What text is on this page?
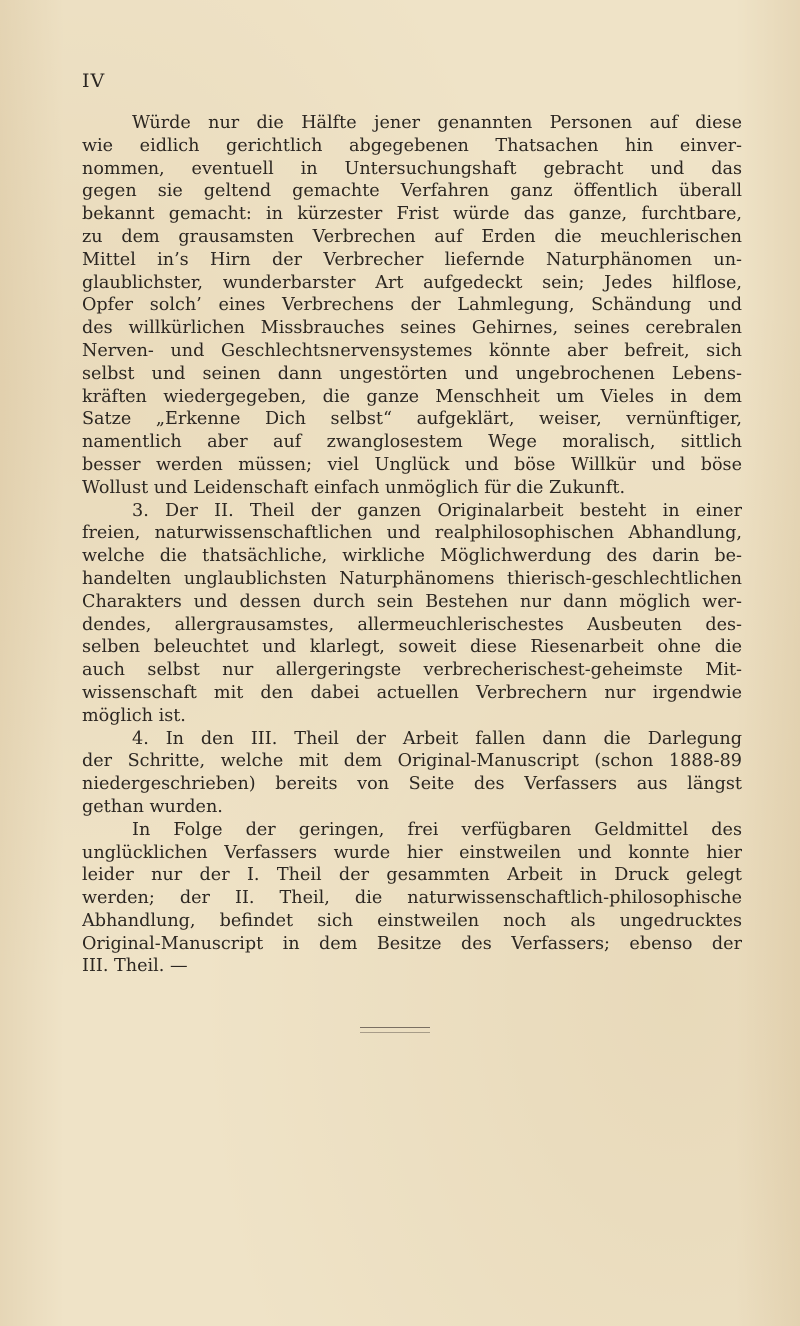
IV
Würde nur die Hälfte jener genannten Personen auf diese
wie eidlich gerichtlich abgegebenen Thatsachen hin einver-
nommen, eventuell in Untersuchungshaft gebracht und das
gegen sie geltend gemachte Verfahren ganz öffentlich überall
bekannt gemacht: in kürzester Frist würde das ganze, furchtbare,
zu dem grausamsten Verbrechen auf Erden die meuchlerischen
Mittel in’s Hirn der Verbrecher liefernde Naturphänomen un-
glaublichster, wunderbarster Art aufgedeckt sein; Jedes hilflose,
Opfer solch’ eines Verbrechens der Lahmlegung, Schändung und
des willkürlichen Missbrauches seines Gehirnes, seines cerebralen
Nerven- und Geschlechtsnervensystemes könnte aber befreit, sich
selbst und seinen dann ungestörten und ungebrochenen Lebens-
kräften wiedergegeben, die ganze Menschheit um Vieles in dem
Satze „Erkenne Dich selbst“ aufgeklärt, weiser, vernünftiger,
namentlich aber auf zwanglosestem Wege moralisch, sittlich
besser werden müssen; viel Unglück und böse Willkür und böse
Wollust und Leidenschaft einfach unmöglich für die Zukunft.
3. Der II. Theil der ganzen Originalarbeit besteht in einer
freien, naturwissenschaftlichen und realphilosophischen Abhandlung,
welche die thatsächliche, wirkliche Möglichwerdung des darin be-
handelten unglaublichsten Naturphänomens thierisch-geschlechtlichen
Charakters und dessen durch sein Bestehen nur dann möglich wer-
dendes, allergrausamstes, allermeuchlerischestes Ausbeuten des-
selben beleuchtet und klarlegt, soweit diese Riesenarbeit ohne die
auch selbst nur allergeringste verbrecherischest-geheimste Mit-
wissenschaft mit den dabei actuellen Verbrechern nur irgendwie
möglich ist.
4. In den III. Theil der Arbeit fallen dann die Darlegung
der Schritte, welche mit dem Original-Manuscript (schon 1888-89
niedergeschrieben) bereits von Seite des Verfassers aus längst
gethan wurden.
In Folge der geringen, frei verfügbaren Geldmittel des
unglücklichen Verfassers wurde hier einstweilen und konnte hier
leider nur der I. Theil der gesammten Arbeit in Druck gelegt
werden; der II. Theil, die naturwissenschaftlich-philosophische
Abhandlung, befindet sich einstweilen noch als ungedrucktes
Original-Manuscript in dem Besitze des Verfassers; ebenso der
III. Theil. —
